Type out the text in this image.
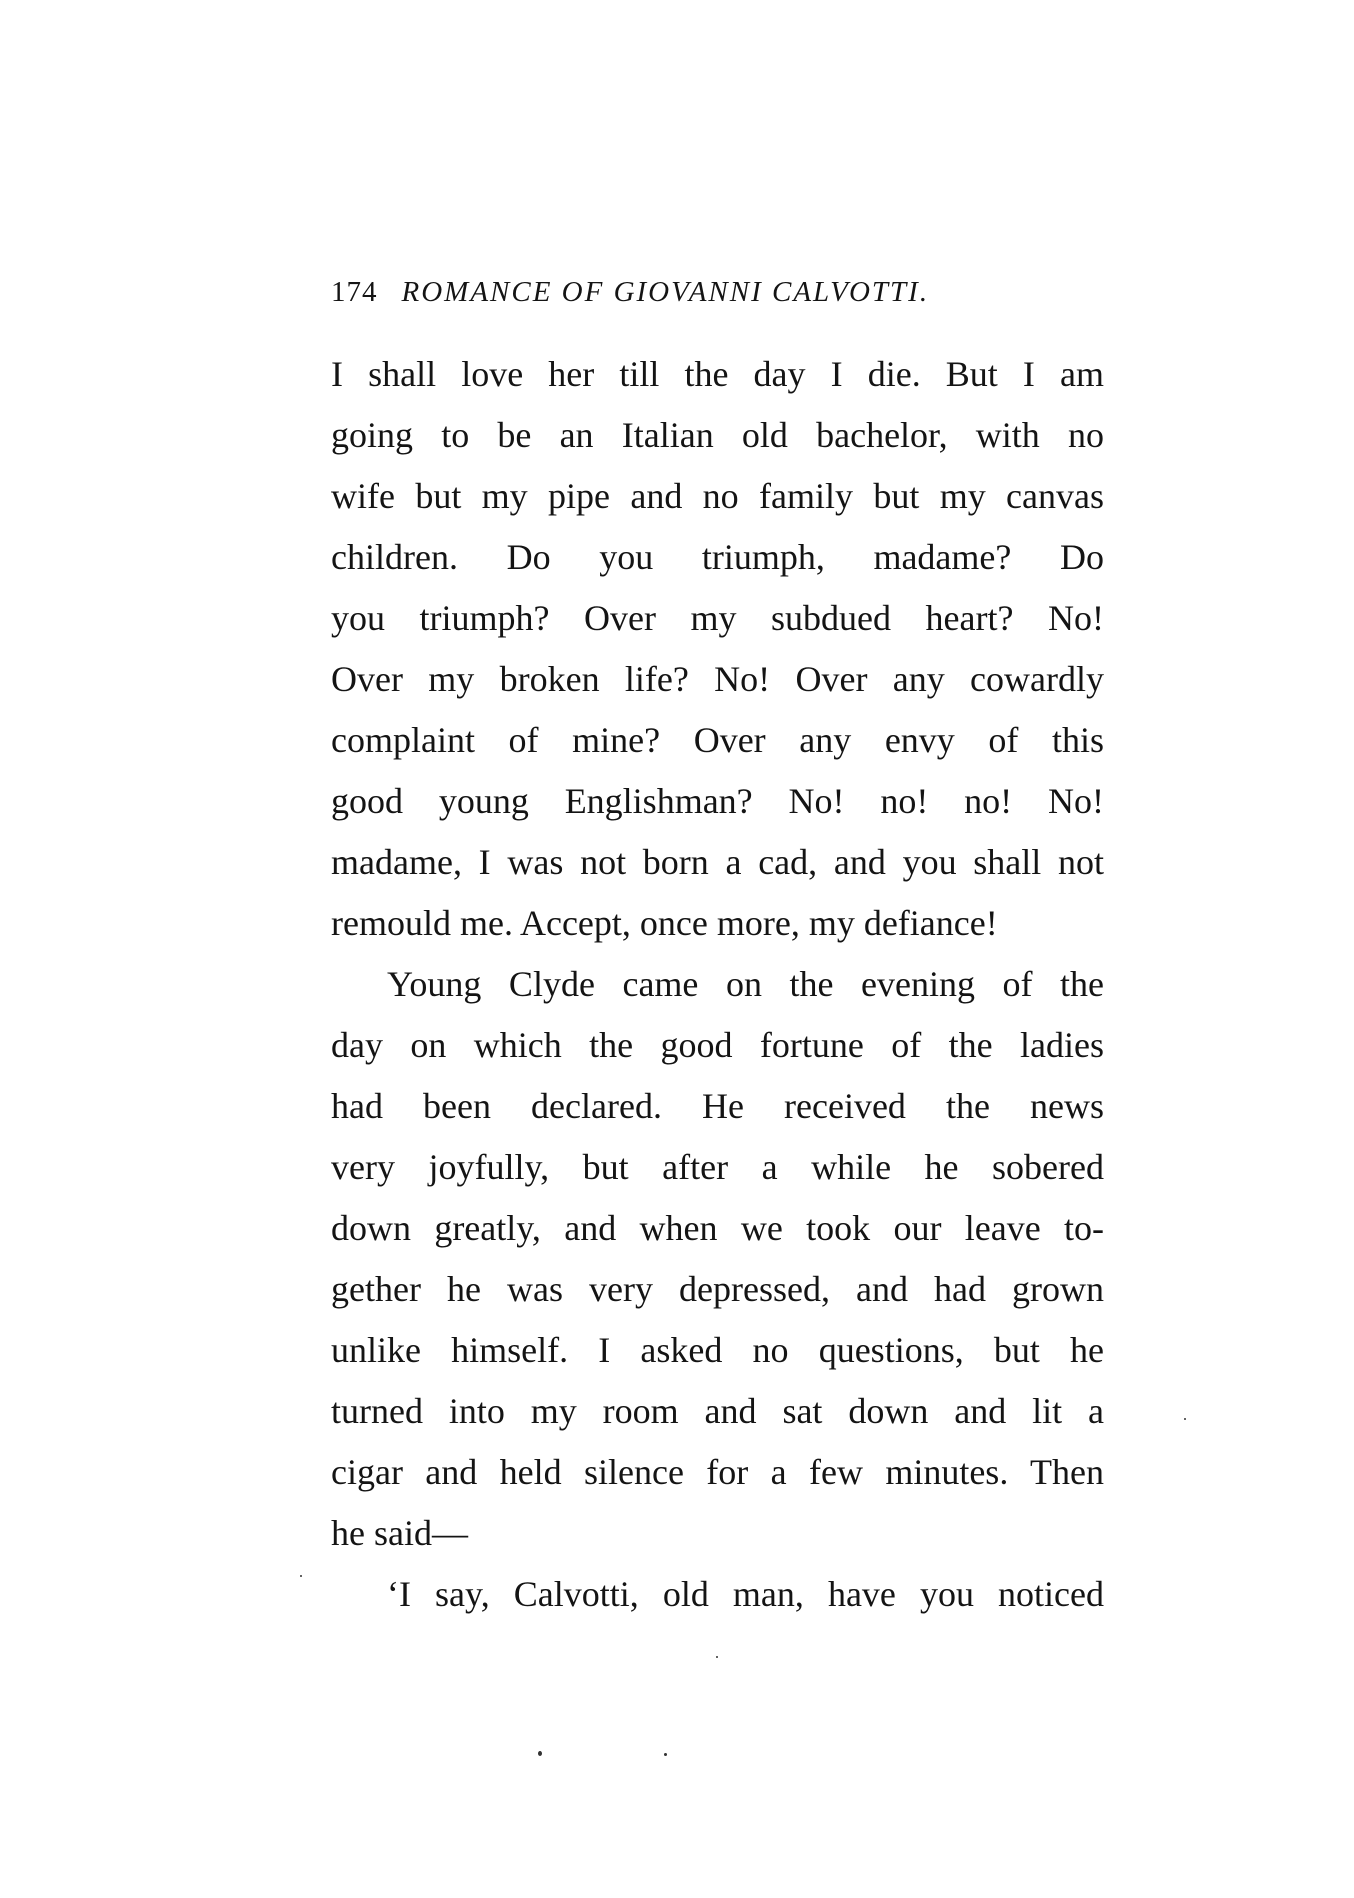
174 ROMANCE OF GIOVANNI CALVOTTI.
I shall love her till the day I die. But I am
going to be an Italian old bachelor, with no
wife but my pipe and no family but my canvas
children. Do you triumph, madame? Do
you triumph? Over my subdued heart? No!
Over my broken life? No! Over any cowardly
complaint of mine? Over any envy of this
good young Englishman? No! no! no! No!
madame, I was not born a cad, and you shall not
remould me. Accept, once more, my defiance!
Young Clyde came on the evening of the
day on which the good fortune of the ladies
had been declared. He received the news
very joyfully, but after a while he sobered
down greatly, and when we took our leave to-
gether he was very depressed, and had grown
unlike himself. I asked no questions, but he
turned into my room and sat down and lit a
cigar and held silence for a few minutes. Then
he said—
‘I say, Calvotti, old man, have you noticed
